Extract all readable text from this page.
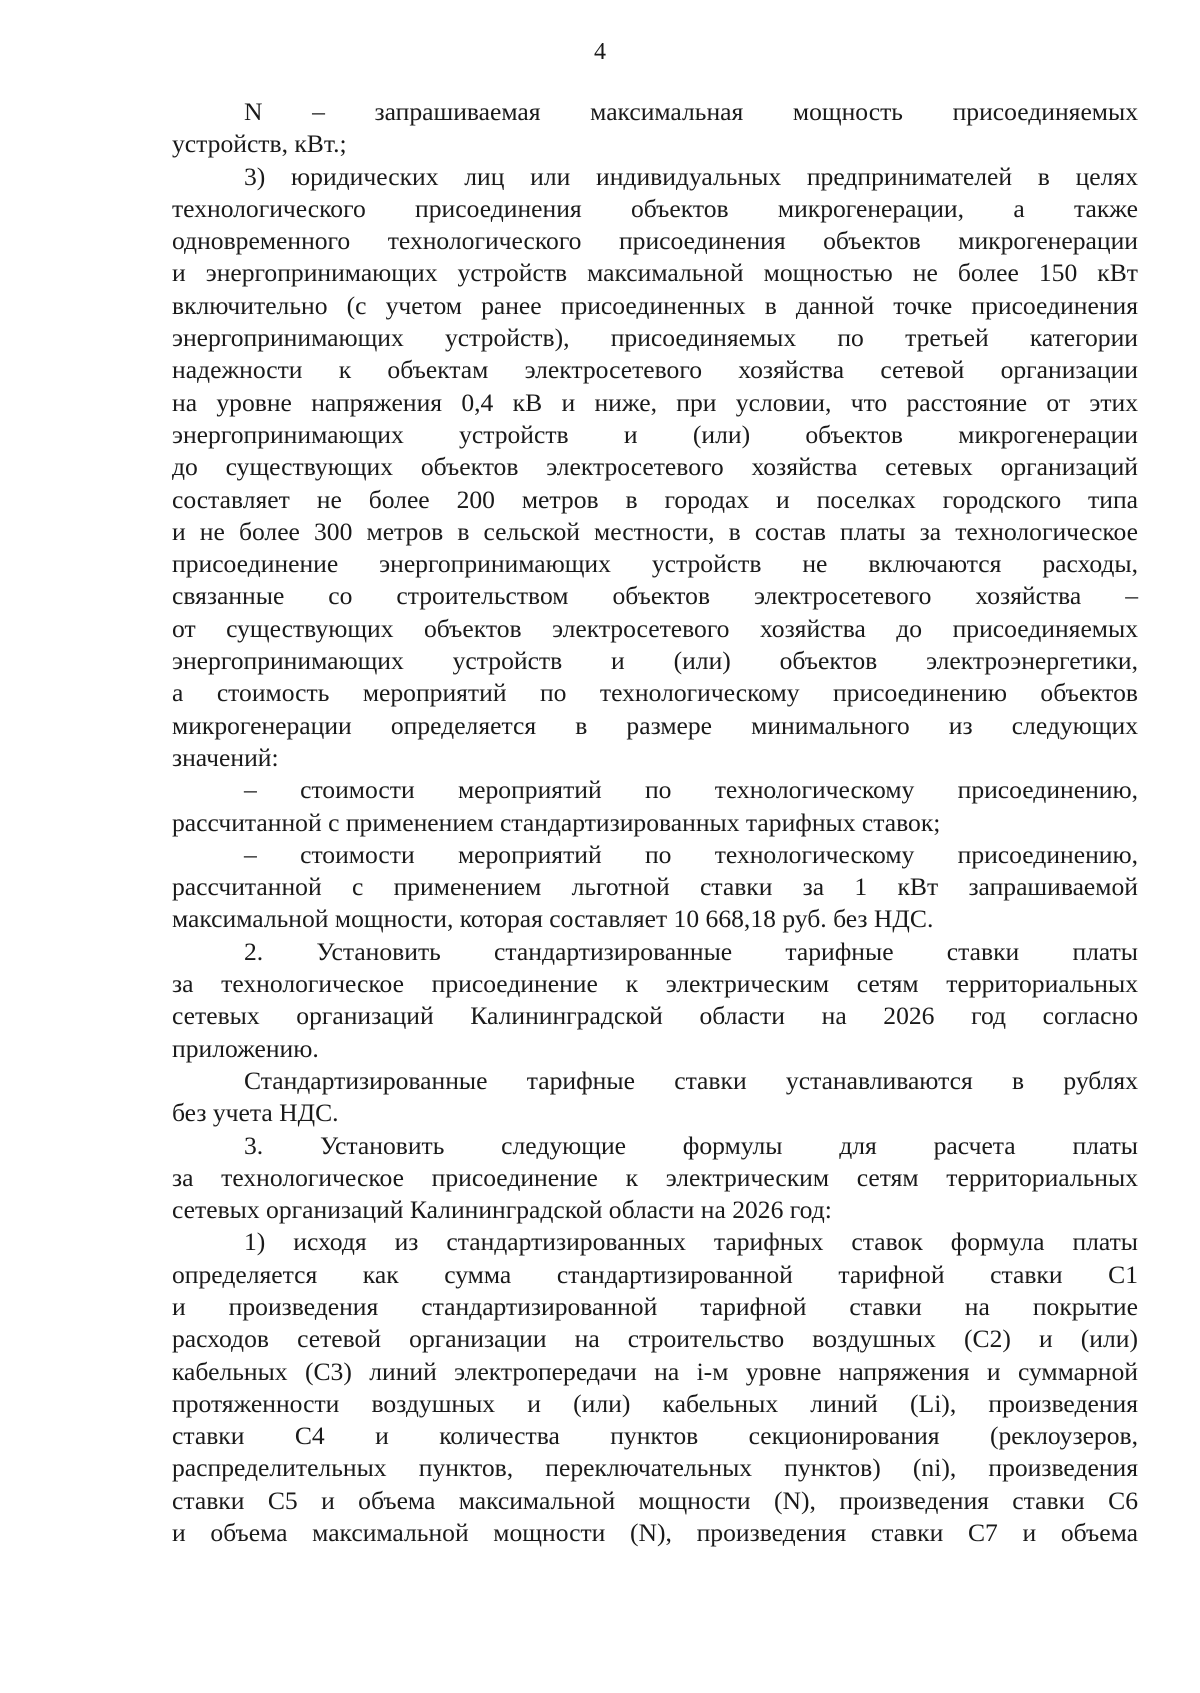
4
N – запрашиваемая максимальная мощность присоединяемых
устройств, кВт.;
3) юридических лиц или индивидуальных предпринимателей в целях
технологического присоединения объектов микрогенерации, а также
одновременного технологического присоединения объектов микрогенерации
и энергопринимающих устройств максимальной мощностью не более 150 кВт
включительно (с учетом ранее присоединенных в данной точке присоединения
энергопринимающих устройств), присоединяемых по третьей категории
надежности к объектам электросетевого хозяйства сетевой организации
на уровне напряжения 0,4 кВ и ниже, при условии, что расстояние от этих
энергопринимающих устройств и (или) объектов микрогенерации
до существующих объектов электросетевого хозяйства сетевых организаций
составляет не более 200 метров в городах и поселках городского типа
и не более 300 метров в сельской местности, в состав платы за технологическое
присоединение энергопринимающих устройств не включаются расходы,
связанные со строительством объектов электросетевого хозяйства –
от существующих объектов электросетевого хозяйства до присоединяемых
энергопринимающих устройств и (или) объектов электроэнергетики,
а стоимость мероприятий по технологическому присоединению объектов
микрогенерации определяется в размере минимального из следующих
значений:
– стоимости мероприятий по технологическому присоединению,
рассчитанной с применением стандартизированных тарифных ставок;
– стоимости мероприятий по технологическому присоединению,
рассчитанной с применением льготной ставки за 1 кВт запрашиваемой
максимальной мощности, которая составляет 10 668,18 руб. без НДС.
2. Установить стандартизированные тарифные ставки платы
за технологическое присоединение к электрическим сетям территориальных
сетевых организаций Калининградской области на 2026 год согласно
приложению.
Стандартизированные тарифные ставки устанавливаются в рублях
без учета НДС.
3. Установить следующие формулы для расчета платы
за технологическое присоединение к электрическим сетям территориальных
сетевых организаций Калининградской области на 2026 год:
1) исходя из стандартизированных тарифных ставок формула платы
определяется как сумма стандартизированной тарифной ставки С1
и произведения стандартизированной тарифной ставки на покрытие
расходов сетевой организации на строительство воздушных (С2) и (или)
кабельных (С3) линий электропередачи на i-м уровне напряжения и суммарной
протяженности воздушных и (или) кабельных линий (Li), произведения
ставки С4 и количества пунктов секционирования (реклоузеров,
распределительных пунктов, переключательных пунктов) (ni), произведения
ставки С5 и объема максимальной мощности (N), произведения ставки С6
и объема максимальной мощности (N), произведения ставки С7 и объема
